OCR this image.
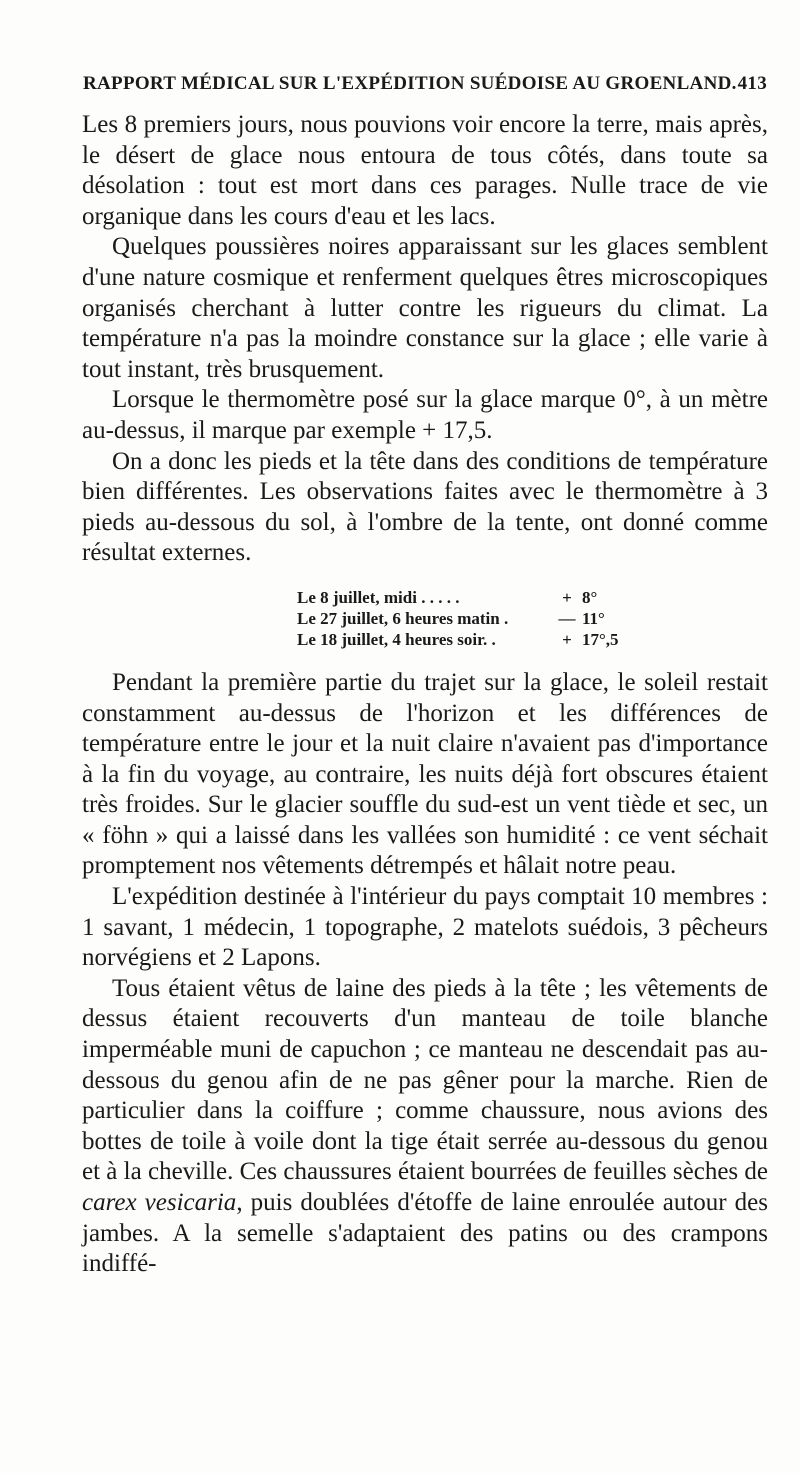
RAPPORT MÉDICAL SUR L'EXPÉDITION SUÉDOISE AU GROENLAND. 413

Les 8 premiers jours, nous pouvions voir encore la terre, mais après, le désert de glace nous entoura de tous côtés, dans toute sa désolation : tout est mort dans ces parages. Nulle trace de vie organique dans les cours d'eau et les lacs.

Quelques poussières noires apparaissant sur les glaces semblent d'une nature cosmique et renferment quelques êtres microscopiques organisés cherchant à lutter contre les rigueurs du climat. La température n'a pas la moindre constance sur la glace ; elle varie à tout instant, très brusquement.

Lorsque le thermomètre posé sur la glace marque 0°, à un mètre au-dessus, il marque par exemple + 17,5.

On a donc les pieds et la tête dans des conditions de température bien différentes. Les observations faites avec le thermomètre à 3 pieds au-dessous du sol, à l'ombre de la tente, ont donné comme résultat externes.

Le 8 juillet, midi . . . . .	+ 8°
Le 27 juillet, 6 heures matin .	— 11°
Le 18 juillet, 4 heures soir. .	+ 17°,5

Pendant la première partie du trajet sur la glace, le soleil restait constamment au-dessus de l'horizon et les différences de température entre le jour et la nuit claire n'avaient pas d'importance à la fin du voyage, au contraire, les nuits déjà fort obscures étaient très froides. Sur le glacier souffle du sud-est un vent tiède et sec, un « föhn » qui a laissé dans les vallées son humidité : ce vent séchait promptement nos vêtements détrempés et hâlait notre peau.

L'expédition destinée à l'intérieur du pays comptait 10 membres : 1 savant, 1 médecin, 1 topographe, 2 matelots suédois, 3 pêcheurs norvégiens et 2 Lapons.

Tous étaient vêtus de laine des pieds à la tête ; les vêtements de dessus étaient recouverts d'un manteau de toile blanche imperméable muni de capuchon ; ce manteau ne descendait pas au-dessous du genou afin de ne pas gêner pour la marche. Rien de particulier dans la coiffure ; comme chaussure, nous avions des bottes de toile à voile dont la tige était serrée au-dessous du genou et à la cheville. Ces chaussures étaient bourrées de feuilles sèches de carex vesicaria, puis doublées d'étoffe de laine enroulée autour des jambes. A la semelle s'adaptaient des patins ou des crampons indiffé-
